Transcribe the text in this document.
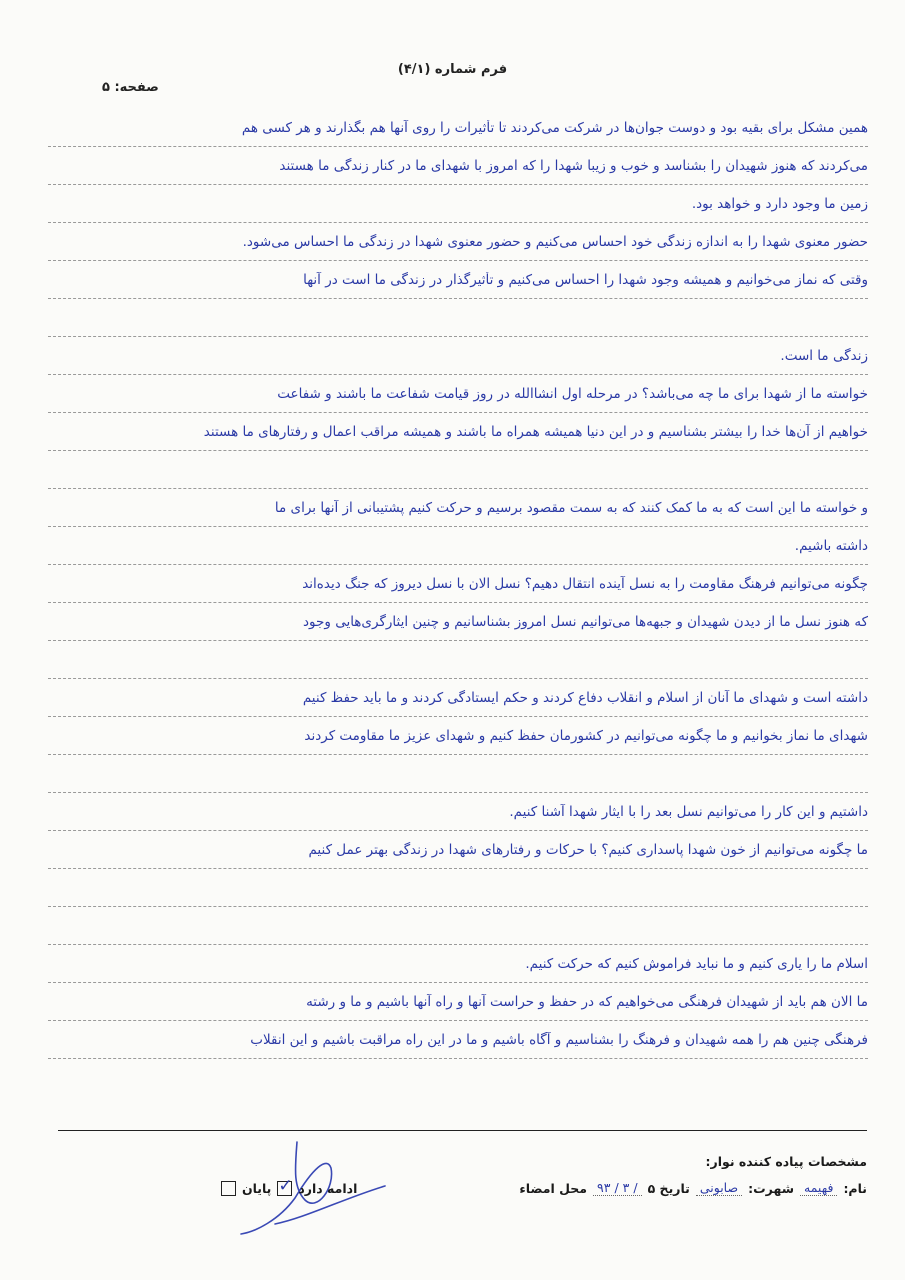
فرم شماره (۴/۱)
صفحه: ۵
همین مشکل برای بقیه بود و دوست جوان‌ها در شرکت می‌کردند تا تأثیرات را روی آنها هم بگذارند و هر کسی هم
می‌کردند که هنوز شهیدان را بشناسد و خوب و زیبا شهدا را که امروز با شهدای ما در کنار زندگی ما هستند
زمین ما وجود دارد و خواهد بود.
حضور معنوی شهدا را به اندازه زندگی خود احساس می‌کنیم و حضور معنوی شهدا در زندگی ما احساس می‌شود.
وقتی که نماز می‌خوانیم و همیشه وجود شهدا را احساس می‌کنیم و تأثیرگذار در زندگی ما است در آنها
زندگی ما است.
خواسته ما از شهدا برای ما چه می‌باشد؟ در مرحله اول انشاالله در روز قیامت شفاعت ما باشند و شفاعت
خواهیم از آن‌ها خدا را بیشتر بشناسیم و در این دنیا همیشه همراه ما باشند و همیشه مراقب اعمال و رفتارهای ما هستند
و خواسته ما این است که به ما کمک کنند که به سمت مقصود برسیم و حرکت کنیم پشتیبانی از آنها برای ما
داشته باشیم.
چگونه می‌توانیم فرهنگ مقاومت را به نسل آینده انتقال دهیم؟ نسل الان با نسل دیروز که جنگ دیده‌اند
که هنوز نسل ما از دیدن شهیدان و جبهه‌ها می‌توانیم نسل امروز بشناسانیم و چنین ایثارگری‌هایی وجود
داشته است و شهدای ما آنان از اسلام و انقلاب دفاع کردند و حکم ایستادگی کردند و ما باید حفظ کنیم
شهدای ما نماز بخوانیم و ما چگونه می‌توانیم در کشورمان حفظ کنیم و شهدای عزیز ما مقاومت کردند
داشتیم و این کار را می‌توانیم نسل بعد را با ایثار شهدا آشنا کنیم.
ما چگونه می‌توانیم از خون شهدا پاسداری کنیم؟ با حرکات و رفتارهای شهدا در زندگی بهتر عمل کنیم
اسلام ما را یاری کنیم و ما نباید فراموش کنیم که حرکت کنیم.
ما الان هم باید از شهیدان فرهنگی می‌خواهیم که در حفظ و حراست آنها و راه آنها باشیم و ما و رشته
فرهنگی چنین هم را همه شهیدان و فرهنگ را بشناسیم و آگاه باشیم و ما در این راه مراقبت باشیم و این انقلاب
مشخصات پیاده کننده نوار:
نام:
فهیمه
شهرت:
صابونی
تاریخ ۵
/ ۳ / ۹۳
محل امضاء
ادامه دارد
✓
پایان
